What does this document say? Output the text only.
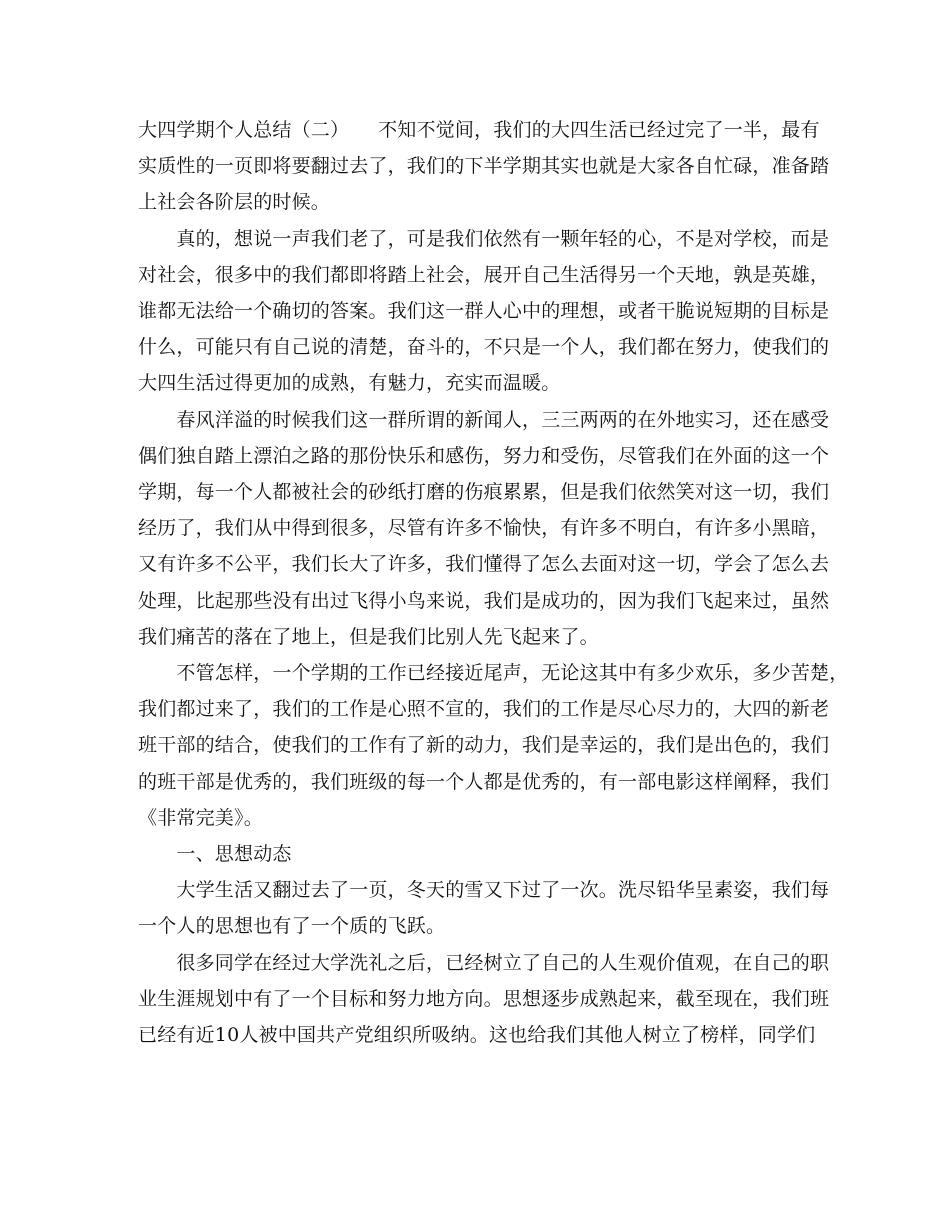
大四学期个人总结（二）　　不知不觉间，我们的大四生活已经过完了一半，最有
实质性的一页即将要翻过去了，我们的下半学期其实也就是大家各自忙碌，准备踏
上社会各阶层的时候。
　　真的，想说一声我们老了，可是我们依然有一颗年轻的心，不是对学校，而是
对社会，很多中的我们都即将踏上社会，展开自己生活得另一个天地，孰是英雄，
谁都无法给一个确切的答案。我们这一群人心中的理想，或者干脆说短期的目标是
什么，可能只有自己说的清楚，奋斗的，不只是一个人，我们都在努力，使我们的
大四生活过得更加的成熟，有魅力，充实而温暖。
　　春风洋溢的时候我们这一群所谓的新闻人，三三两两的在外地实习，还在感受
偶们独自踏上漂泊之路的那份快乐和感伤，努力和受伤，尽管我们在外面的这一个
学期，每一个人都被社会的砂纸打磨的伤痕累累，但是我们依然笑对这一切，我们
经历了，我们从中得到很多，尽管有许多不愉快，有许多不明白，有许多小黑暗，
又有许多不公平，我们长大了许多，我们懂得了怎么去面对这一切，学会了怎么去
处理，比起那些没有出过飞得小鸟来说，我们是成功的，因为我们飞起来过，虽然
我们痛苦的落在了地上，但是我们比别人先飞起来了。
　　不管怎样，一个学期的工作已经接近尾声，无论这其中有多少欢乐，多少苦楚，
我们都过来了，我们的工作是心照不宣的，我们的工作是尽心尽力的，大四的新老
班干部的结合，使我们的工作有了新的动力，我们是幸运的，我们是出色的，我们
的班干部是优秀的，我们班级的每一个人都是优秀的，有一部电影这样阐释，我们
《非常完美》。
　　一、思想动态
　　大学生活又翻过去了一页，冬天的雪又下过了一次。洗尽铅华呈素姿，我们每
一个人的思想也有了一个质的飞跃。
　　很多同学在经过大学洗礼之后，已经树立了自己的人生观价值观，在自己的职
业生涯规划中有了一个目标和努力地方向。思想逐步成熟起来，截至现在，我们班
已经有近10人被中国共产党组织所吸纳。这也给我们其他人树立了榜样，同学们
